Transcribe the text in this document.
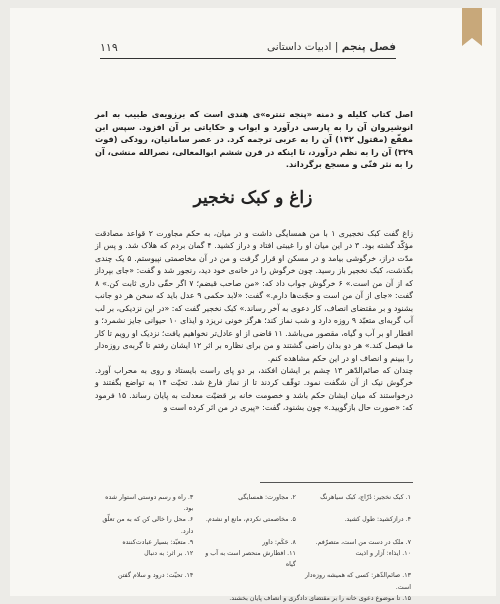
فصل پنجم | ادبیات داستانی
۱۱۹
اصل کتاب کلیله و دمنه «پنجه تنتره»ی هندی است که برزویه‌ی طبیب به امر انوشیروان آن را به پارسی درآورد و ابواب و حکایاتی بر آن افزود. سپس ابن مقفّع (مقتول ۱۴۲) آن را به عربی ترجمه کرد. در عصر سامانیان، رودکی (فوت ۳۲۹) آن را به نظم درآورد، تا اینکه در قرن ششم ابوالمعالی، نصرالله منشی، آن را به نثر فنّی و مسجع برگرداند.
زاغ و کبک نخجیر

زاغ گفت کبک نخجیری ۱ با من همسایگی داشت و در میان، به حکم مجاورت ۲ قواعد مصادقت مؤکّد گشته بود. ۳ در این میان او را غیبتی افتاد و دراز کشید. ۴ گمان بردم که هلاک شد. و پس از مدّت دراز، خرگوشی بیامد و در مسکن او قرار گرفت و من در آن مخاصمتی نپیوستم. ۵ یک چندی بگذشت، کبک نخجیر باز رسید. چون خرگوش را در خانه‌ی خود دید، رنجور شد و گفت: «جای بپرداز که از آن من است.» ۶ خرگوش جواب داد که: «من صاحب قبضم؛ ۷ اگر حقّی داری ثابت کن.» ۸ گفت: «جای از آن من است و حجّت‌ها دارم.» گفت: «لابد حکمی ۹ عدل باید که سخن هر دو جانب بشنود و بر مقتضای انصاف، کار دعوی به آخر رساند.» کبک نخجیر گفت که: «در این نزدیکی، بر لب آب گربه‌ای متعبّد ۹ روزه دارد و شب نماز کند؛ هرگز خونی نریزد و ایذای ۱۰ حیوانی جایز نشمرد؛ و افطار او بر آب و گیاه، مقصور می‌باشد. ۱۱ قاضی از او عادل‌تر نخواهیم یافت؛ نزدیک او رویم تا کار ما فیصل کند.» هر دو بدان راضی گشتند و من برای نظاره بر اثر ۱۲ ایشان رفتم تا گربه‌ی روزه‌دار را ببینم و انصاف او در این حکم مشاهده کنم.

چندان که صائم‌الدّهر ۱۳ چشم بر ایشان افکند، بر دو پای راست بایستاد و روی به محراب آورد. خرگوش نیک از آن شگفت نمود. توقّف کردند تا از نماز فارغ شد. تحیّت ۱۴ به تواضع بگفتند و درخواستند که میان ایشان حکم باشد و خصومت خانه بر قضیّت معدلت به پایان رساند. ۱۵ فرمود که: «صورت حال بازگویید.» چون بشنود، گفت: «پیری در من اثر کرده است و

۱. کبک نخجیر: دُرّاج، کبک سیاهرنگ
۲. مجاورت: همسایگی
۳. راه و رسم دوستی استوار شده بود.
۴. درازکشید: طول کشید.
۵. مخاصمتی نکردم، مانع او نشدم.
۶. محل را خالی کن که به من تعلّق دارد.
۷. ملک در دست من است، متصرّفم.
۸. حَکَم: داور
۹. متعبّد: بسیار عبادت‌کننده
۱۰. ایذاء: آزار و اذیت
۱۱. افطارش منحصر است به آب و گیاه
۱۲. بر اثر: به دنبال
۱۳. صائم‌الدّهر: کسی که همیشه روزه‌دار است.
۱۴. تحیّت: درود و سلام گفتن
۱۵. تا موضوع دعوی خانه را بر مقتضای دادگری و انصاف پایان بخشند.
